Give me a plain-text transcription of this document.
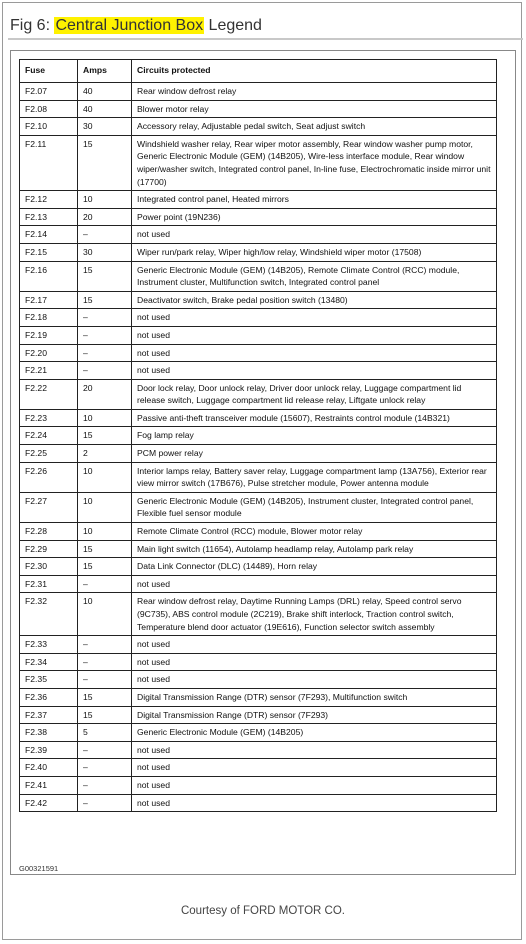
Fig 6: Central Junction Box Legend
Fuse	Amps	Circuits protected
F2.07	40	Rear window defrost relay
F2.08	40	Blower motor relay
F2.10	30	Accessory relay, Adjustable pedal switch, Seat adjust switch
F2.11	15	Windshield washer relay, Rear wiper motor assembly, Rear window washer pump motor, Generic Electronic Module (GEM) (14B205), Wire-less interface module, Rear window wiper/washer switch, Integrated control panel, In-line fuse, Electrochromatic inside mirror unit (17700)
F2.12	10	Integrated control panel, Heated mirrors
F2.13	20	Power point (19N236)
F2.14	–	not used
F2.15	30	Wiper run/park relay, Wiper high/low relay, Windshield wiper motor (17508)
F2.16	15	Generic Electronic Module (GEM) (14B205), Remote Climate Control (RCC) module, Instrument cluster, Multifunction switch, Integrated control panel
F2.17	15	Deactivator switch, Brake pedal position switch (13480)
F2.18	–	not used
F2.19	–	not used
F2.20	–	not used
F2.21	–	not used
F2.22	20	Door lock relay, Door unlock relay, Driver door unlock relay, Luggage compartment lid release switch, Luggage compartment lid release relay, Liftgate unlock relay
F2.23	10	Passive anti-theft transceiver module (15607), Restraints control module (14B321)
F2.24	15	Fog lamp relay
F2.25	2	PCM power relay
F2.26	10	Interior lamps relay, Battery saver relay, Luggage compartment lamp (13A756), Exterior rear view mirror switch (17B676), Pulse stretcher module, Power antenna module
F2.27	10	Generic Electronic Module (GEM) (14B205), Instrument cluster, Integrated control panel, Flexible fuel sensor module
F2.28	10	Remote Climate Control (RCC) module, Blower motor relay
F2.29	15	Main light switch (11654), Autolamp headlamp relay, Autolamp park relay
F2.30	15	Data Link Connector (DLC) (14489), Horn relay
F2.31	–	not used
F2.32	10	Rear window defrost relay, Daytime Running Lamps (DRL) relay, Speed control servo (9C735), ABS control module (2C219), Brake shift interlock, Traction control switch, Temperature blend door actuator (19E616), Function selector switch assembly
F2.33	–	not used
F2.34	–	not used
F2.35	–	not used
F2.36	15	Digital Transmission Range (DTR) sensor (7F293), Multifunction switch
F2.37	15	Digital Transmission Range (DTR) sensor (7F293)
F2.38	5	Generic Electronic Module (GEM) (14B205)
F2.39	–	not used
F2.40	–	not used
F2.41	–	not used
F2.42	–	not used
G00321591
Courtesy of FORD MOTOR CO.
